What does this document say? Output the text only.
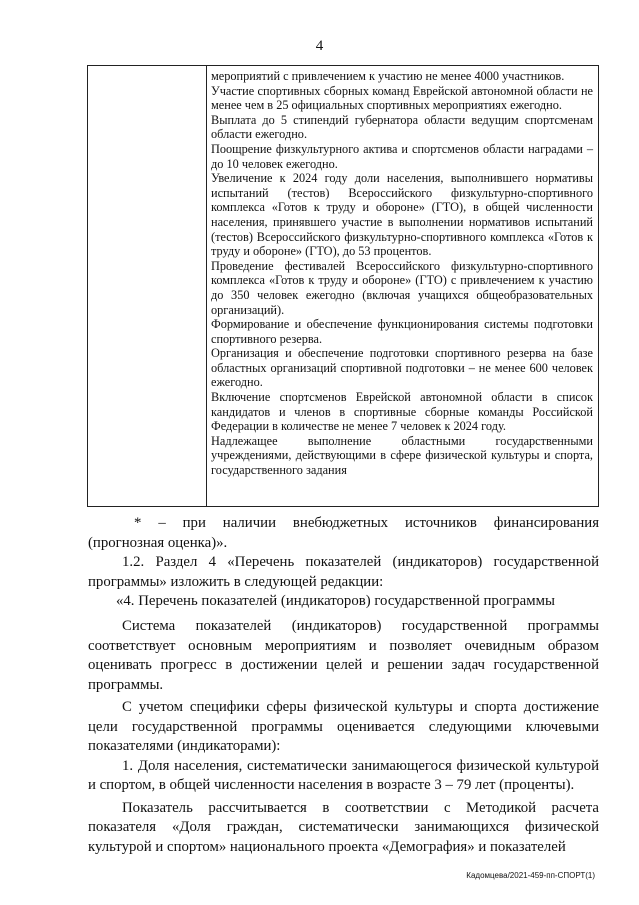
4

мероприятий с привлечением к участию не менее 4000 участников.

Участие спортивных сборных команд Еврейской автономной области не менее чем в 25 официальных спортивных мероприятиях ежегодно.

Выплата до 5 стипендий губернатора области ведущим спортсменам области ежегодно.

Поощрение физкультурного актива и спортсменов области наградами – до 10 человек ежегодно.

Увеличение к 2024 году доли населения, выполнившего нормативы испытаний (тестов) Всероссийского физкультурно-спортивного комплекса «Готов к труду и обороне» (ГТО), в общей численности населения, принявшего участие в выполнении нормативов испытаний (тестов) Всероссийского физкультурно-спортивного комплекса «Готов к труду и обороне» (ГТО), до 53 процентов.

Проведение фестивалей Всероссийского физкультурно-спортивного комплекса «Готов к труду и обороне» (ГТО) с привлечением к участию до 350 человек ежегодно (включая учащихся общеобразовательных организаций).

Формирование и обеспечение функционирования системы подготовки спортивного резерва.

Организация и обеспечение подготовки спортивного резерва на базе областных организаций спортивной подготовки – не менее 600 человек ежегодно.

Включение спортсменов Еврейской автономной области в список кандидатов и членов в спортивные сборные команды Российской Федерации в количестве не менее 7 человек к 2024 году.

Надлежащее выполнение областными государственными учреждениями, действующими в сфере физической культуры и спорта, государственного задания

* – при наличии внебюджетных источников финансирования (прогнозная оценка)».

1.2. Раздел 4 «Перечень показателей (индикаторов) государственной программы» изложить в следующей редакции:

«4. Перечень показателей (индикаторов) государственной программы

Система показателей (индикаторов) государственной программы соответствует основным мероприятиям и позволяет очевидным образом оценивать прогресс в достижении целей и решении задач государственной программы.

С учетом специфики сферы физической культуры и спорта достижение цели государственной программы оценивается следующими ключевыми показателями (индикаторами):

1. Доля населения, систематически занимающегося физической культурой и спортом, в общей численности населения в возрасте 3 – 79 лет (проценты).

Показатель рассчитывается в соответствии с Методикой расчета показателя «Доля граждан, систематически занимающихся физической культурой и спортом» национального проекта «Демография» и показателей

Кадомцева/2021-459-пп-СПОРТ(1)
